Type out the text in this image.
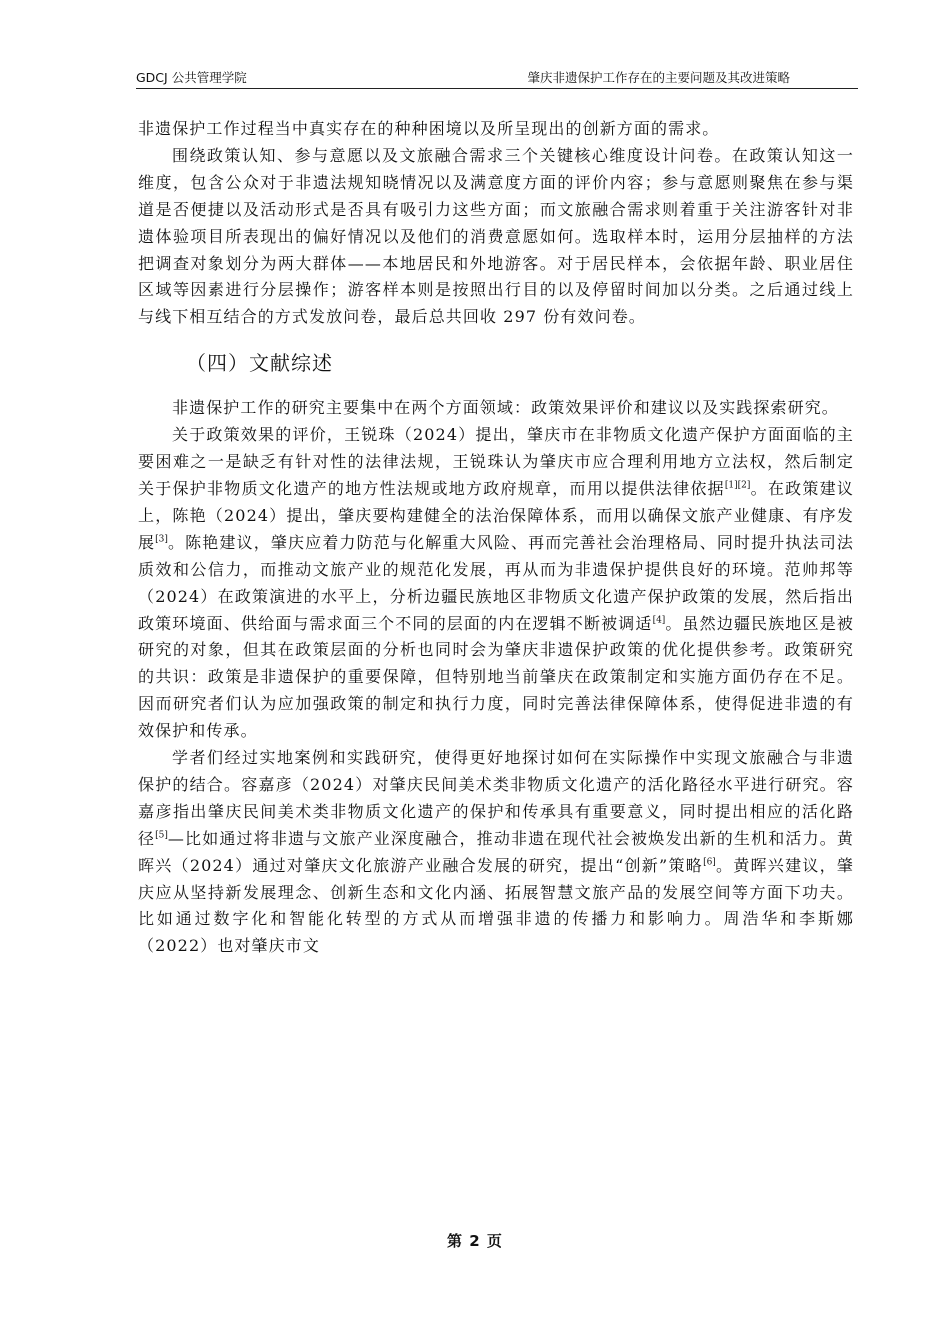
GDCJ 公共管理学院	肇庆非遗保护工作存在的主要问题及其改进策略

非遗保护工作过程当中真实存在的种种困境以及所呈现出的创新方面的需求。

围绕政策认知、参与意愿以及文旅融合需求三个关键核心维度设计问卷。在政策认知这一维度，包含公众对于非遗法规知晓情况以及满意度方面的评价内容；参与意愿则聚焦在参与渠道是否便捷以及活动形式是否具有吸引力这些方面；而文旅融合需求则着重于关注游客针对非遗体验项目所表现出的偏好情况以及他们的消费意愿如何。选取样本时，运用分层抽样的方法把调查对象划分为两大群体——本地居民和外地游客。对于居民样本，会依据年龄、职业居住区域等因素进行分层操作；游客样本则是按照出行目的以及停留时间加以分类。之后通过线上与线下相互结合的方式发放问卷，最后总共回收 297 份有效问卷。

（四）文献综述

非遗保护工作的研究主要集中在两个方面领域：政策效果评价和建议以及实践探索研究。

关于政策效果的评价，王锐珠（2024）提出，肇庆市在非物质文化遗产保护方面面临的主要困难之一是缺乏有针对性的法律法规，王锐珠认为肇庆市应合理利用地方立法权，然后制定关于保护非物质文化遗产的地方性法规或地方政府规章，而用以提供法律依据[1][2]。在政策建议上，陈艳（2024）提出，肇庆要构建健全的法治保障体系，而用以确保文旅产业健康、有序发展[3]。陈艳建议，肇庆应着力防范与化解重大风险、再而完善社会治理格局、同时提升执法司法质效和公信力，而推动文旅产业的规范化发展，再从而为非遗保护提供良好的环境。范帅邦等（2024）在政策演进的水平上，分析边疆民族地区非物质文化遗产保护政策的发展，然后指出政策环境面、供给面与需求面三个不同的层面的内在逻辑不断被调适[4]。虽然边疆民族地区是被研究的对象，但其在政策层面的分析也同时会为肇庆非遗保护政策的优化提供参考。政策研究的共识：政策是非遗保护的重要保障，但特别地当前肇庆在政策制定和实施方面仍存在不足。因而研究者们认为应加强政策的制定和执行力度，同时完善法律保障体系，使得促进非遗的有效保护和传承。

学者们经过实地案例和实践研究，使得更好地探讨如何在实际操作中实现文旅融合与非遗保护的结合。容嘉彦（2024）对肇庆民间美术类非物质文化遗产的活化路径水平进行研究。容嘉彦指出肇庆民间美术类非物质文化遗产的保护和传承具有重要意义，同时提出相应的活化路径[5]—比如通过将非遗与文旅产业深度融合，推动非遗在现代社会被焕发出新的生机和活力。黄晖兴（2024）通过对肇庆文化旅游产业融合发展的研究，提出“创新”策略[6]。黄晖兴建议，肇庆应从坚持新发展理念、创新生态和文化内涵、拓展智慧文旅产品的发展空间等方面下功夫。比如通过数字化和智能化转型的方式从而增强非遗的传播力和影响力。周浩华和李斯娜（2022）也对肇庆市文

第 2 页
